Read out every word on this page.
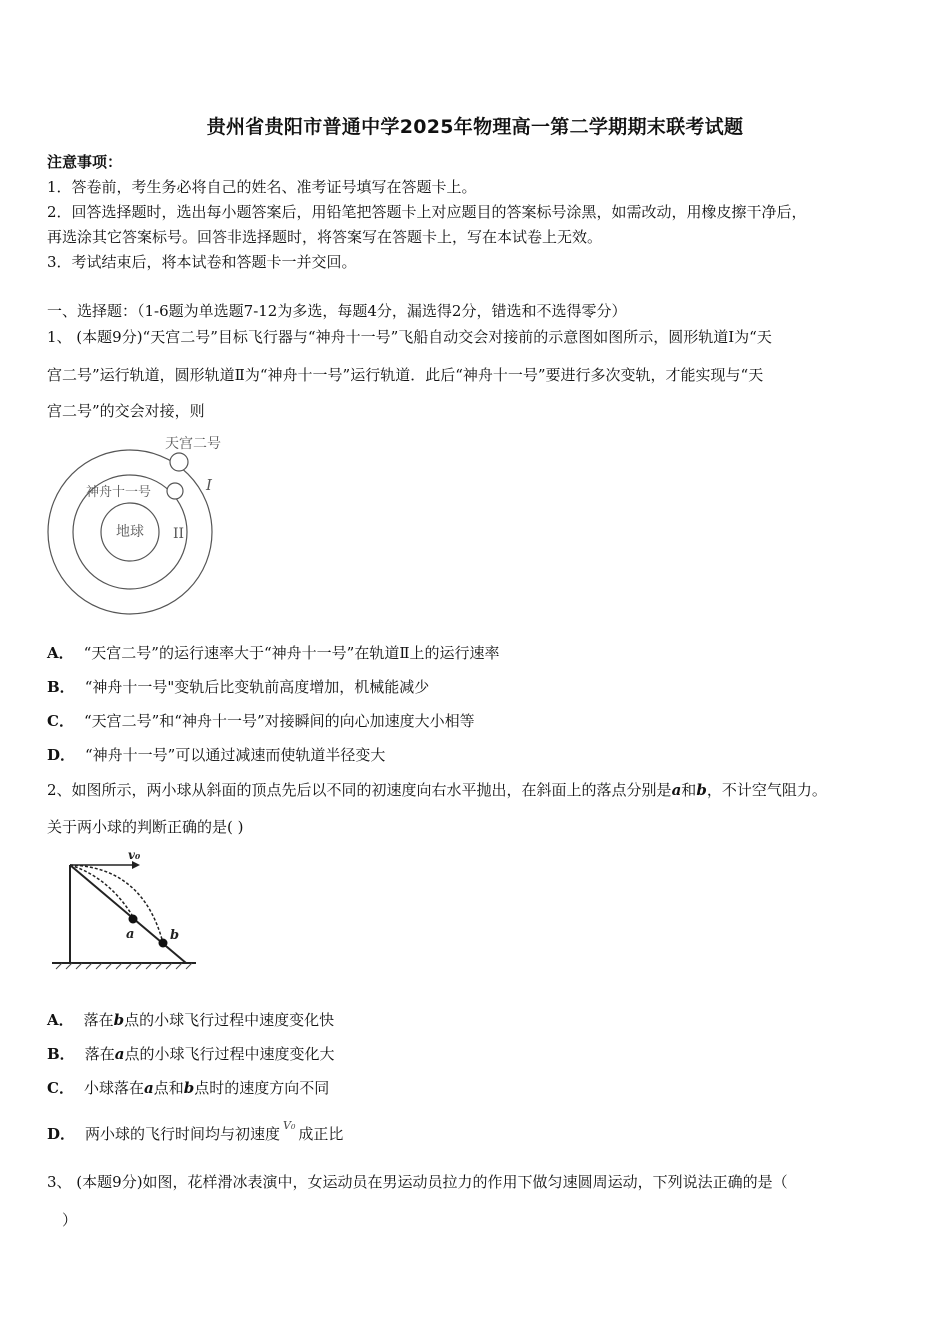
贵州省贵阳市普通中学2025年物理高一第二学期期末联考试题
注意事项：
1．答卷前，考生务必将自己的姓名、准考证号填写在答题卡上。
2．回答选择题时，选出每小题答案后，用铅笔把答题卡上对应题目的答案标号涂黑，如需改动，用橡皮擦干净后，
再选涂其它答案标号。回答非选择题时，将答案写在答题卡上，写在本试卷上无效。
3．考试结束后，将本试卷和答题卡一并交回。
一、选择题：（1-6题为单选题7-12为多选，每题4分，漏选得2分，错选和不选得零分）
1、 (本题9分)“天宫二号”目标飞行器与“神舟十一号”飞船自动交会对接前的示意图如图所示，圆形轨道Ⅰ为“天
宫二号”运行轨道，圆形轨道Ⅱ为“神舟十一号”运行轨道．此后“神舟十一号”要进行多次变轨，才能实现与“天
宫二号”的交会对接，则
天宫二号
神舟十一号
地球
I
II
A． “天宫二号”的运行速率大于“神舟十一号”在轨道Ⅱ上的运行速率
B． “神舟十一号"变轨后比变轨前高度增加，机械能减少
C． “天宫二号”和“神舟十一号”对接瞬间的向心加速度大小相等
D． “神舟十一号”可以通过减速而使轨道半径变大
2、如图所示，两小球从斜面的顶点先后以不同的初速度向右水平抛出，在斜面上的落点分别是a和b，不计空气阻力。
关于两小球的判断正确的是( )
v₀
a	b
A． 落在b点的小球飞行过程中速度变化快
B． 落在a点的小球飞行过程中速度变化大
C． 小球落在a点和b点时的速度方向不同
D． 两小球的飞行时间均与初速度 $^{V_0}$ 成正比
3、 (本题9分)如图，花样滑冰表演中，女运动员在男运动员拉力的作用下做匀速圆周运动，下列说法正确的是（
）
